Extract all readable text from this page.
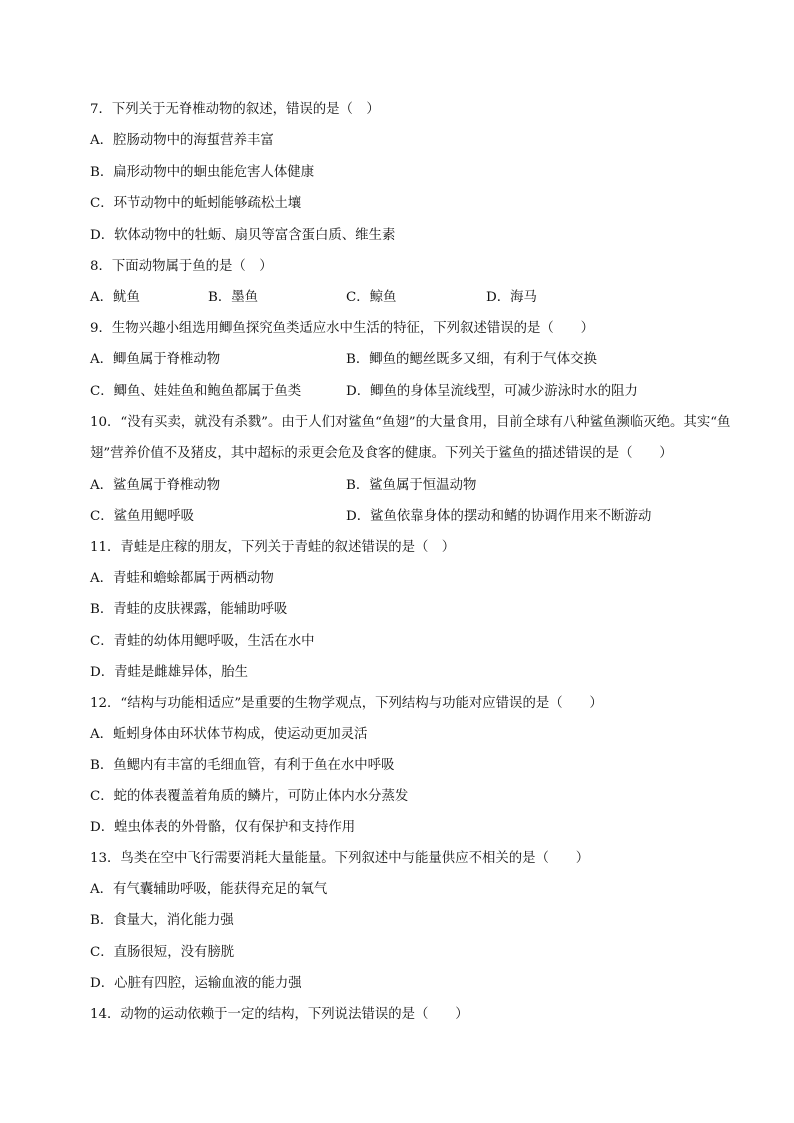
7．下列关于无脊椎动物的叙述，错误的是（　）
A．腔肠动物中的海蜇营养丰富
B．扁形动物中的蛔虫能危害人体健康
C．环节动物中的蚯蚓能够疏松土壤
D．软体动物中的牡蛎、扇贝等富含蛋白质、维生素
8．下面动物属于鱼的是（　）
A．鱿鱼	B．墨鱼	C．鲸鱼	D．海马
9．生物兴趣小组选用鲫鱼探究鱼类适应水中生活的特征，下列叙述错误的是（　　）
A．鲫鱼属于脊椎动物	B．鲫鱼的鳃丝既多又细，有利于气体交换
C．鲫鱼、娃娃鱼和鲍鱼都属于鱼类	D．鲫鱼的身体呈流线型，可减少游泳时水的阻力
10．“没有买卖，就没有杀戮”。由于人们对鲨鱼“鱼翅”的大量食用，目前全球有八种鲨鱼濒临灭绝。其实“鱼
翅”营养价值不及猪皮，其中超标的汞更会危及食客的健康。下列关于鲨鱼的描述错误的是（　　）
A．鲨鱼属于脊椎动物	B．鲨鱼属于恒温动物
C．鲨鱼用鳃呼吸	D．鲨鱼依靠身体的摆动和鳍的协调作用来不断游动
11．青蛙是庄稼的朋友，下列关于青蛙的叙述错误的是（　）
A．青蛙和蟾蜍都属于两栖动物
B．青蛙的皮肤裸露，能辅助呼吸
C．青蛙的幼体用鳃呼吸，生活在水中
D．青蛙是雌雄异体，胎生
12．“结构与功能相适应”是重要的生物学观点，下列结构与功能对应错误的是（　　）
A．蚯蚓身体由环状体节构成，使运动更加灵活
B．鱼鳃内有丰富的毛细血管，有利于鱼在水中呼吸
C．蛇的体表覆盖着角质的鳞片，可防止体内水分蒸发
D．蝗虫体表的外骨骼，仅有保护和支持作用
13．鸟类在空中飞行需要消耗大量能量。下列叙述中与能量供应不相关的是（　　）
A．有气囊辅助呼吸，能获得充足的氧气
B．食量大，消化能力强
C．直肠很短，没有膀胱
D．心脏有四腔，运输血液的能力强
14．动物的运动依赖于一定的结构，下列说法错误的是（　　）
